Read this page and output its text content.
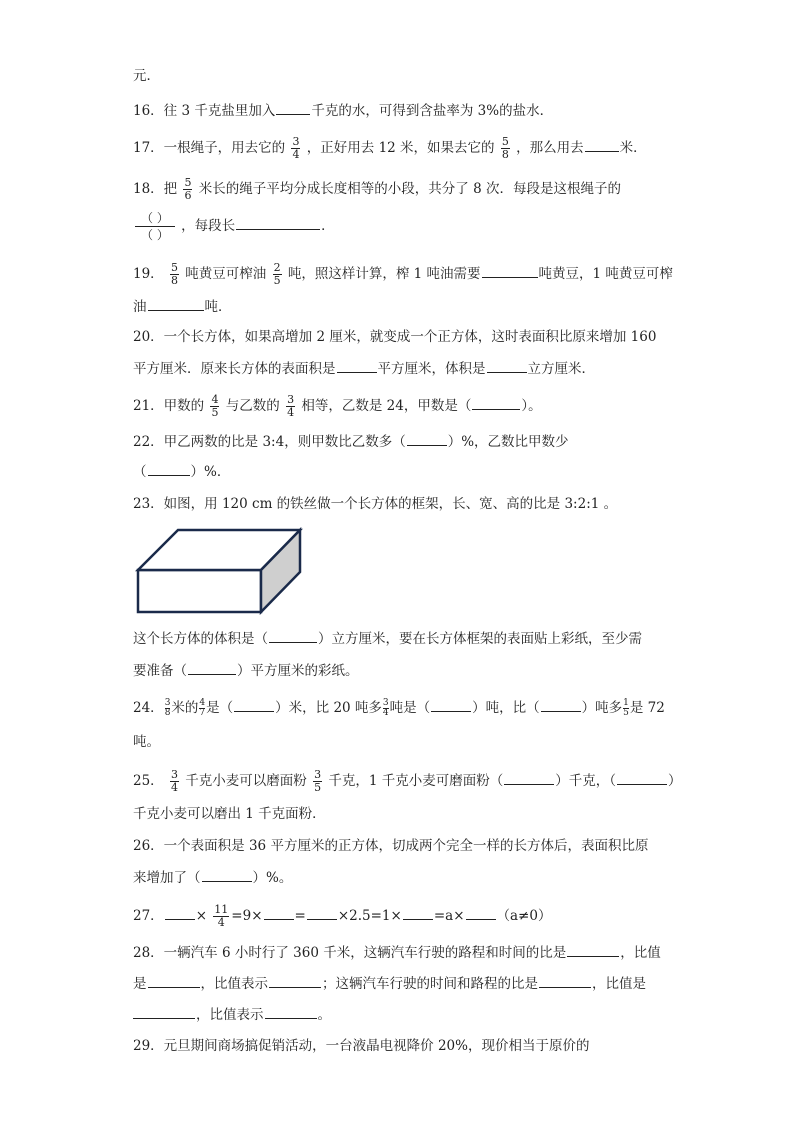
元．
16．往 3 千克盐里加入	千克的水，可得到含盐率为 3%的盐水．
17．一根绳子，用去它的 $\frac{3}{4}$ ，正好用去 12 米，如果去它的 $\frac{5}{8}$ ，那么用去	米．
18．把 $\frac{5}{6}$ 米长的绳子平均分成长度相等的小段，共分了 8 次．每段是这根绳子的
$\frac{( )}{( )}$ ，每段长	．
19． $\frac{5}{8}$ 吨黄豆可榨油 $\frac{2}{5}$ 吨，照这样计算，榨 1 吨油需要	吨黄豆，1 吨黄豆可榨
油	吨．
20．一个长方体，如果高增加 2 厘米，就变成一个正方体，这时表面积比原来增加 160
平方厘米．原来长方体的表面积是	平方厘米，体积是	立方厘米．
21．甲数的 $\frac{4}{5}$ 与乙数的 $\frac{3}{4}$ 相等，乙数是 24，甲数是（	）。
22．甲乙两数的比是 3:4，则甲数比乙数多（	）%，乙数比甲数少
（	）%．
23．如图，用 120 cm 的铁丝做一个长方体的框架，长、宽、高的比是 3:2:1 。
这个长方体的体积是（	）立方厘米，要在长方体框架的表面贴上彩纸，至少需
要准备（	）平方厘米的彩纸。
24． $\frac{3}{8}$ 米的 $\frac{4}{7}$ 是（	）米，比 20 吨多 $\frac{3}{4}$ 吨是（	）吨，比（	）吨多 $\frac{1}{5}$ 是 72
吨。
25． $\frac{3}{4}$ 千克小麦可以磨面粉 $\frac{3}{5}$ 千克，1 千克小麦可磨面粉（	）千克，（	）
千克小麦可以磨出 1 千克面粉．
26．一个表面积是 36 平方厘米的正方体，切成两个完全一样的长方体后，表面积比原
来增加了（	）%。
27． × $\frac{11}{4} =9\times = \times 2.5=1\times =a\times (a\ne 0)$
28．一辆汽车 6 小时行了 360 千米，这辆汽车行驶的路程和时间的比是	，比值
是	，比值表示	；这辆汽车行驶的时间和路程的比是	，比值是
，比值表示	。
29．元旦期间商场搞促销活动，一台液晶电视降价 20%，现价相当于原价的
